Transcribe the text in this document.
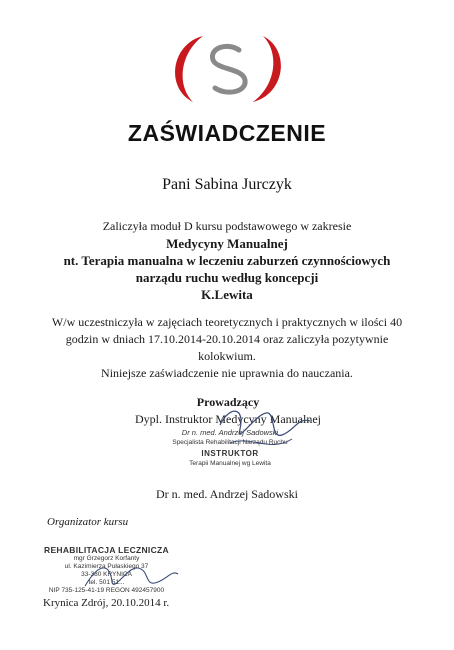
ZAŚWIADCZENIE
Pani Sabina Jurczyk
Zaliczyła moduł D kursu podstawowego w zakresie
Medycyny Manualnej
nt. Terapia manualna w leczeniu zaburzeń czynnościowych
narządu ruchu według koncepcji
K.Lewita
W/w uczestniczyła w zajęciach teoretycznych i praktycznych w ilości 40
godzin w dniach 17.10.2014-20.10.2014 oraz zaliczyła pozytywnie
kolokwium.
Niniejsze zaświadczenie nie uprawnia do nauczania.
Prowadzący
Dypl. Instruktor Medycyny Manualnej
Dr n. med. Andrzej Sadowski
Specjalista Rehabilitacji Narządu Ruchu
INSTRUKTOR
Terapii Manualnej wg Lewita
Dr n. med. Andrzej Sadowski
Organizator kursu
REHABILITACJA LECZNICZA
mgr Grzegorz Korfanty
ul. Kazimierza Pułaskiego 37
33-380 KRYNICA
tel. 501 51...
NIP 735-125-41-19 REGON 492457900
Krynica Zdrój, 20.10.2014 r.
